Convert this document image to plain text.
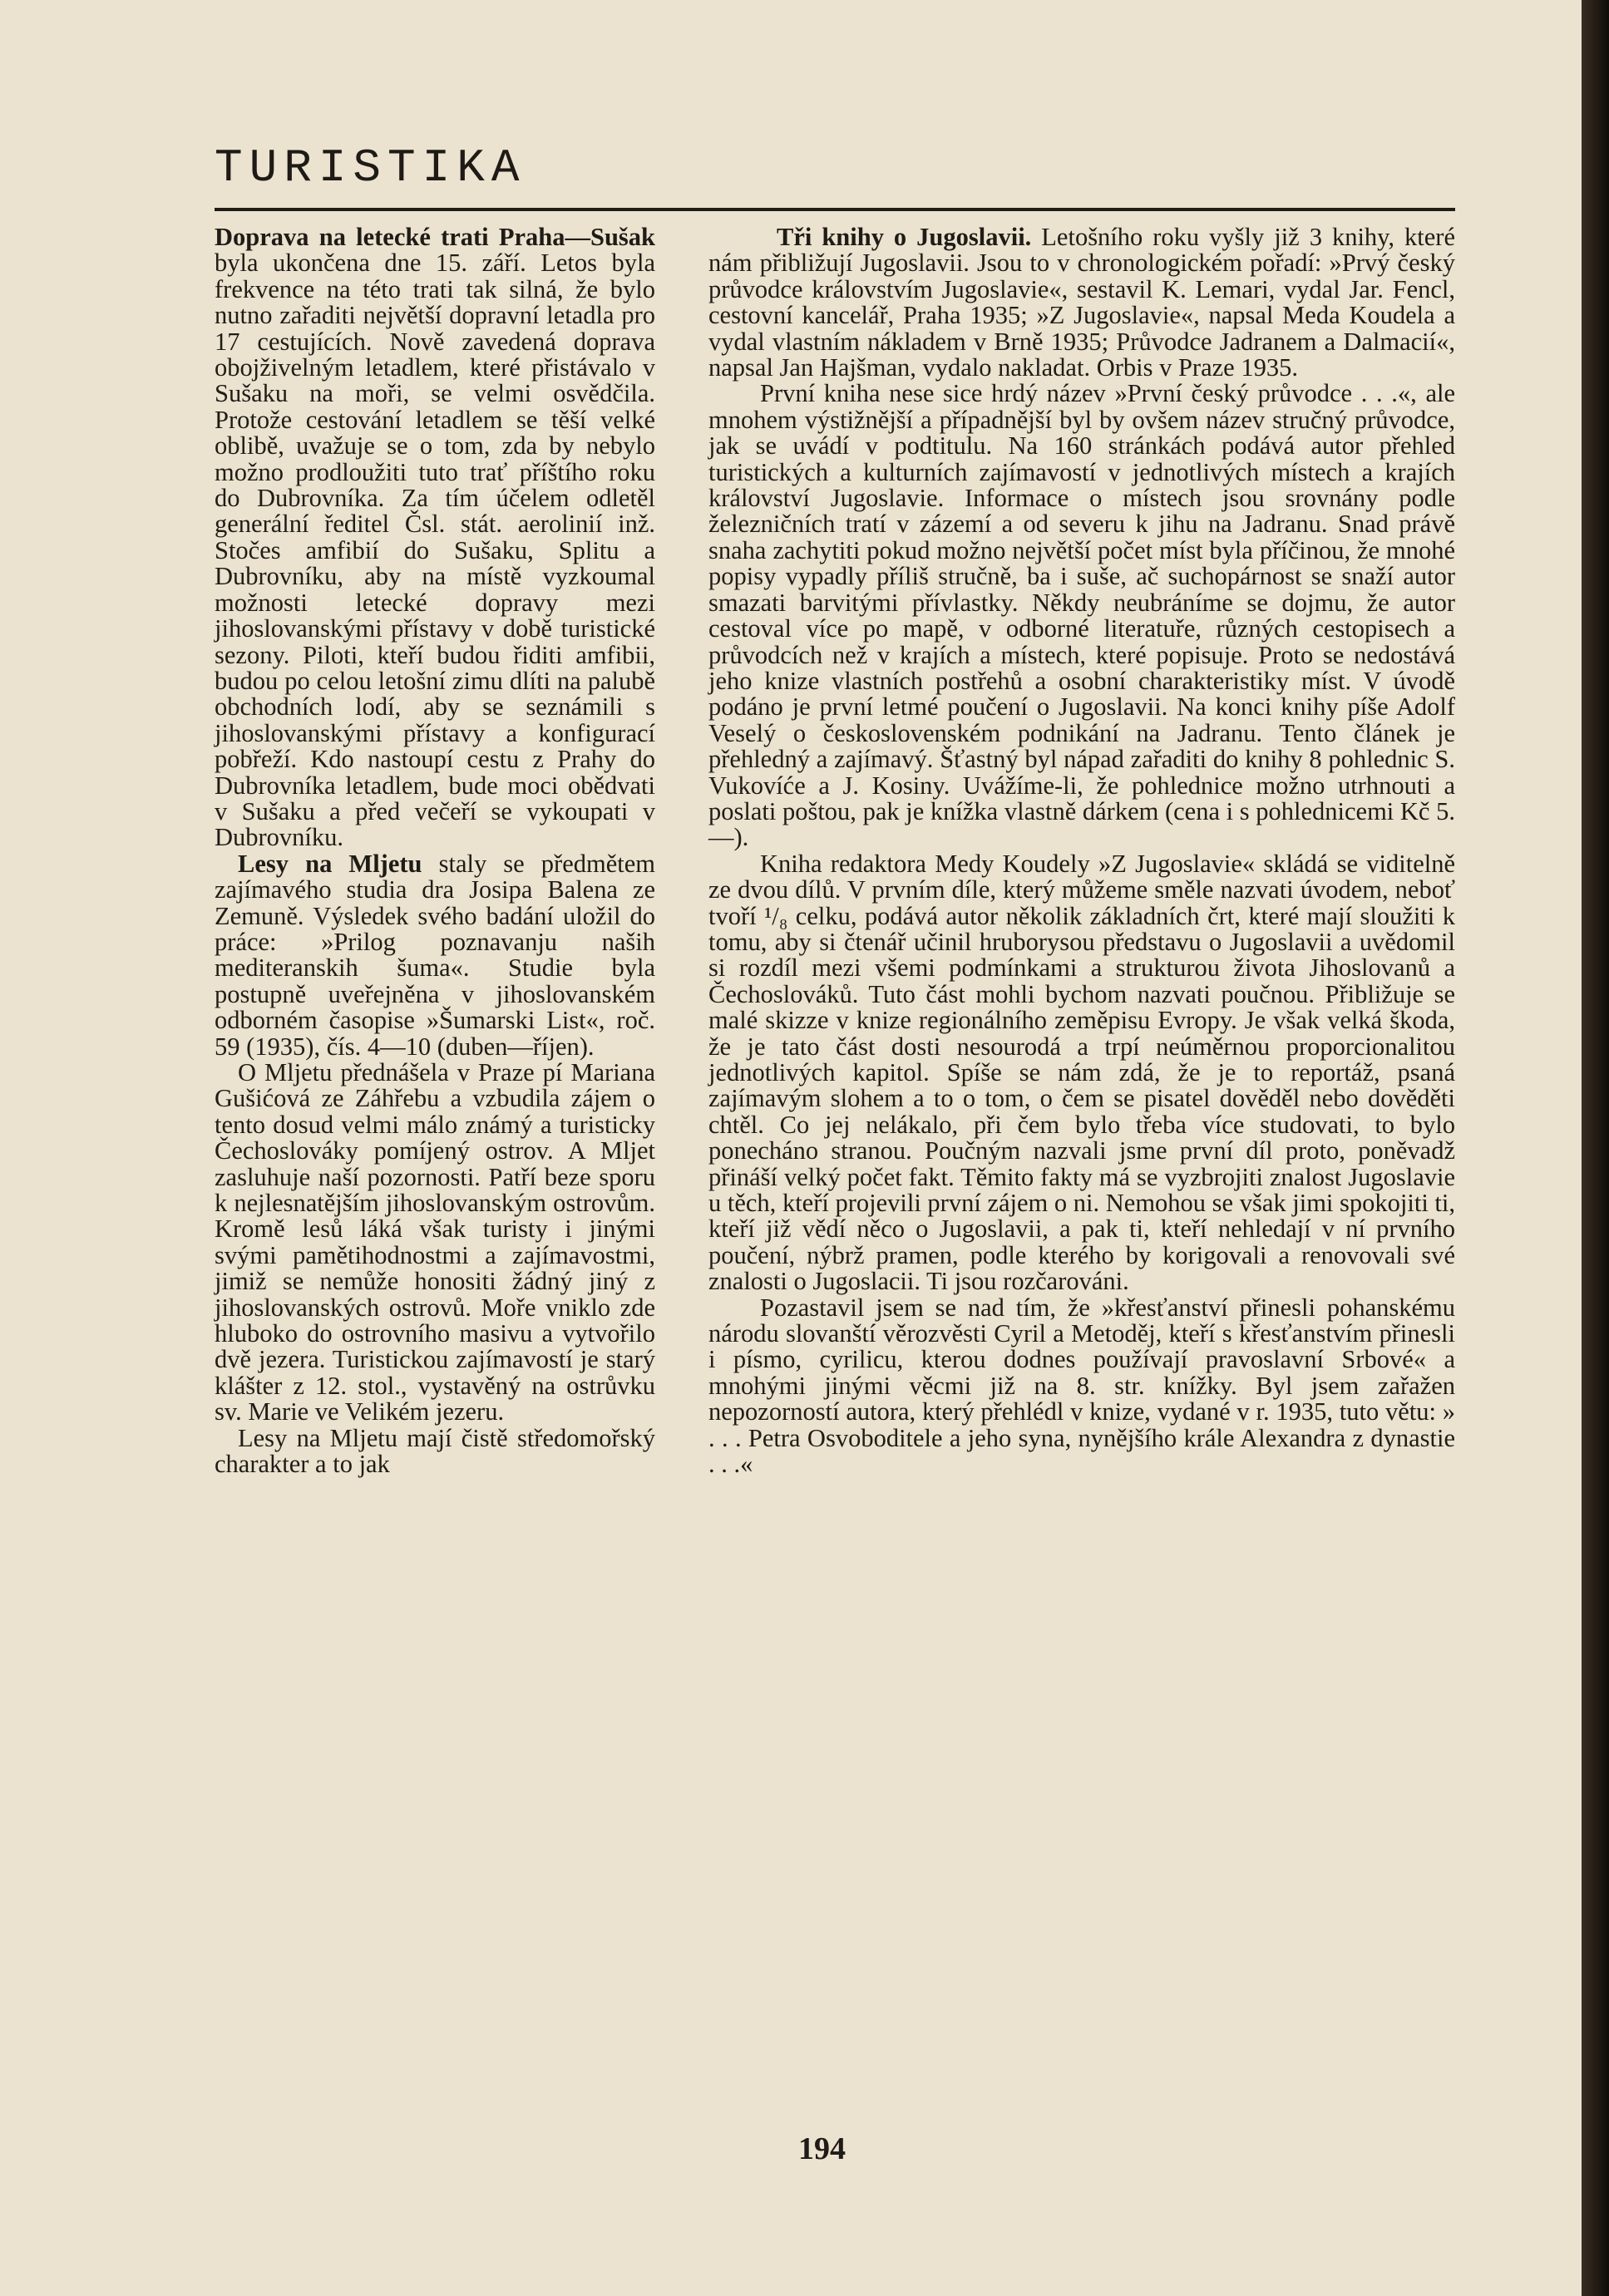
TURISTIKA

Doprava na letecké trati Praha—Sušak byla ukončena dne 15. září. Letos byla frekvence na této trati tak silná, že bylo nutno zařaditi největší dopravní letadla pro 17 cestujících. Nově zavedená doprava obojživelným letadlem, které přistávalo v Sušaku na moři, se velmi osvědčila. Protože cestování letadlem se těší velké oblibě, uvažuje se o tom, zda by nebylo možno prodloužiti tuto trať příštího roku do Dubrovníka. Za tím účelem odletěl generální ředitel Čsl. stát. aerolinií inž. Stočes amfibií do Sušaku, Splitu a Dubrovníku, aby na místě vyzkoumal možnosti letecké dopravy mezi jihoslovanskými přístavy v době turistické sezony. Piloti, kteří budou řiditi amfibii, budou po celou letošní zimu dlíti na palubě obchodních lodí, aby se seznámili s jihoslovanskými přístavy a konfigurací pobřeží. Kdo nastoupí cestu z Prahy do Dubrovníka letadlem, bude moci obědvati v Sušaku a před večeří se vykoupati v Dubrovníku.

Lesy na Mljetu staly se předmětem zajímavého studia dra Josipa Balena ze Zemuně. Výsledek svého badání uložil do práce: »Prilog poznavanju naših mediteranskih šuma«. Studie byla postupně uveřejněna v jihoslovanském odborném časopise »Šumarski List«, roč. 59 (1935), čís. 4—10 (duben—říjen).

O Mljetu přednášela v Praze pí Mariana Gušićová ze Záhřebu a vzbudila zájem o tento dosud velmi málo známý a turisticky Čechoslováky pomíjený ostrov. A Mljet zasluhuje naší pozornosti. Patří beze sporu k nejlesnatějším jihoslovanským ostrovům. Kromě lesů láká však turisty i jinými svými pamětihodnostmi a zajímavostmi, jimiž se nemůže honositi žádný jiný z jihoslovanských ostrovů. Moře vniklo zde hluboko do ostrovního masivu a vytvořilo dvě jezera. Turistickou zajímavostí je starý klášter z 12. stol., vystavěný na ostrůvku sv. Marie ve Velikém jezeru.

Lesy na Mljetu mají čistě středomořský charakter a to jak

Tři knihy o Jugoslavii. Letošního roku vyšly již 3 knihy, které nám přibližují Jugoslavii. Jsou to v chronologickém pořadí: »Prvý český průvodce královstvím Jugoslavie«, sestavil K. Lemari, vydal Jar. Fencl, cestovní kancelář, Praha 1935; »Z Jugoslavie«, napsal Meda Koudela a vydal vlastním nákladem v Brně 1935; Průvodce Jadranem a Dalmacií«, napsal Jan Hajšman, vydalo nakladat. Orbis v Praze 1935.

První kniha nese sice hrdý název »První český průvodce . . .«, ale mnohem výstižnější a případnější byl by ovšem název stručný průvodce, jak se uvádí v podtitulu. Na 160 stránkách podává autor přehled turistických a kulturních zajímavostí v jednotlivých místech a krajích království Jugoslavie. Informace o místech jsou srovnány podle železničních tratí v zázemí a od severu k jihu na Jadranu. Snad právě snaha zachytiti pokud možno největší počet míst byla příčinou, že mnohé popisy vypadly příliš stručně, ba i suše, ač suchopárnost se snaží autor smazati barvitými přívlastky. Někdy neubráníme se dojmu, že autor cestoval více po mapě, v odborné literatuře, různých cestopisech a průvodcích než v krajích a místech, které popisuje. Proto se nedostává jeho knize vlastních postřehů a osobní charakteristiky míst. V úvodě podáno je první letmé poučení o Jugoslavii. Na konci knihy píše Adolf Veselý o československém podnikání na Jadranu. Tento článek je přehledný a zajímavý. Šťastný byl nápad zařaditi do knihy 8 pohlednic S. Vukovíće a J. Kosiny. Uvážíme-li, že pohlednice možno utrhnouti a poslati poštou, pak je knížka vlastně dárkem (cena i s pohlednicemi Kč 5.—).

Kniha redaktora Medy Koudely »Z Jugoslavie« skládá se viditelně ze dvou dílů. V prvním díle, který můžeme směle nazvati úvodem, neboť tvoří ¹/₈ celku, podává autor několik základních črt, které mají sloužiti k tomu, aby si čtenář učinil hruborysou představu o Jugoslavii a uvědomil si rozdíl mezi všemi podmínkami a strukturou života Jihoslovanů a Čechoslováků. Tuto část mohli bychom nazvati poučnou. Přibližuje se malé skizze v knize regionálního zeměpisu Evropy. Je však velká škoda, že je tato část dosti nesourodá a trpí neúměrnou proporcionalitou jednotlivých kapitol. Spíše se nám zdá, že je to reportáž, psaná zajímavým slohem a to o tom, o čem se pisatel dověděl nebo dověděti chtěl. Co jej nelákalo, při čem bylo třeba více studovati, to bylo ponecháno stranou. Poučným nazvali jsme první díl proto, poněvadž přináší velký počet fakt. Těmito fakty má se vyzbrojiti znalost Jugoslavie u těch, kteří projevili první zájem o ni. Nemohou se však jimi spokojiti ti, kteří již vědí něco o Jugoslavii, a pak ti, kteří nehledají v ní prvního poučení, nýbrž pramen, podle kterého by korigovali a renovovali své znalosti o Jugoslacii. Ti jsou rozčarováni.

Pozastavil jsem se nad tím, že »křesťanství přinesli pohanskému národu slovanští věrozvěsti Cyril a Metoděj, kteří s křesťanstvím přinesli i písmo, cyrilicu, kterou dodnes používají pravoslavní Srbové« a mnohými jinými věcmi již na 8. str. knížky. Byl jsem zařažen nepozorností autora, který přehlédl v knize, vydané v r. 1935, tuto větu: » . . . Petra Osvoboditele a jeho syna, nynějšího krále Alexandra z dynastie . . .«

194
